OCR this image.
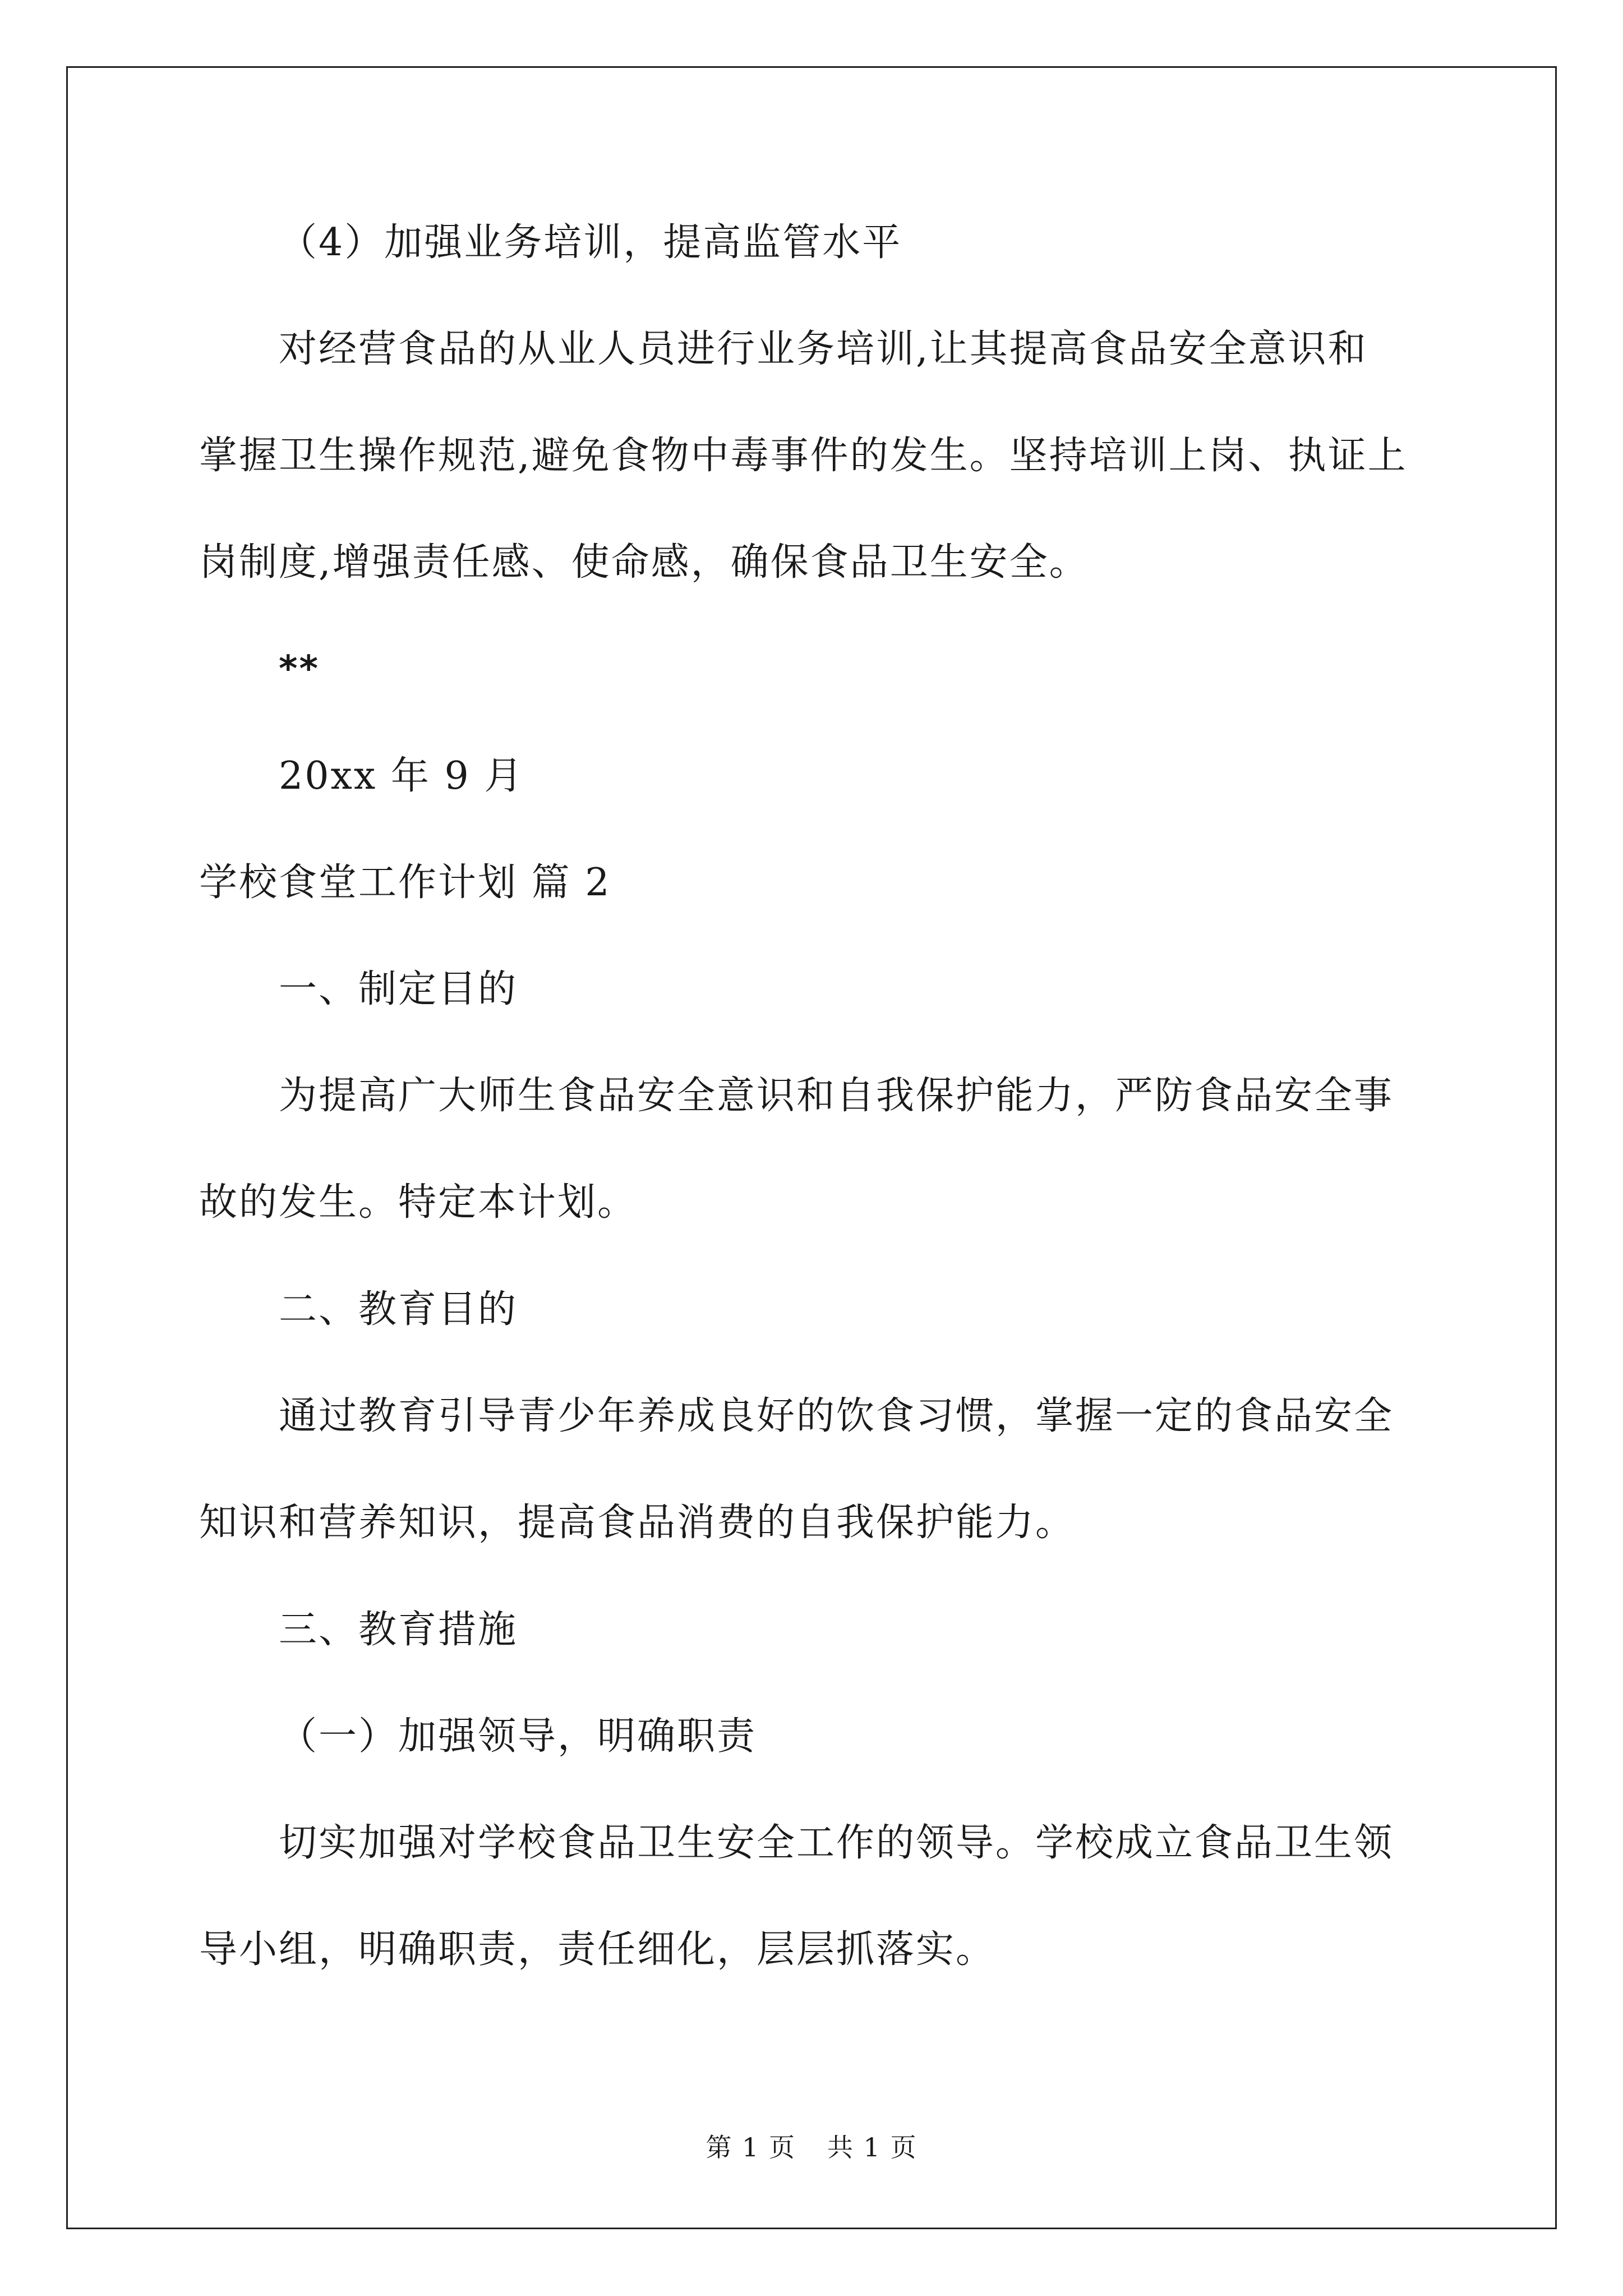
（4）加强业务培训，提高监管水平
对经营食品的从业人员进行业务培训,让其提高食品安全意识和
掌握卫生操作规范,避免食物中毒事件的发生。坚持培训上岗、执证上
岗制度,增强责任感、使命感，确保食品卫生安全。
**
20xx 年 9 月
学校食堂工作计划 篇 2
一、制定目的
为提高广大师生食品安全意识和自我保护能力，严防食品安全事
故的发生。特定本计划。
二、教育目的
通过教育引导青少年养成良好的饮食习惯，掌握一定的食品安全
知识和营养知识，提高食品消费的自我保护能力。
三、教育措施
（一）加强领导，明确职责
切实加强对学校食品卫生安全工作的领导。学校成立食品卫生领
导小组，明确职责，责任细化，层层抓落实。
第 1 页 共 1 页
